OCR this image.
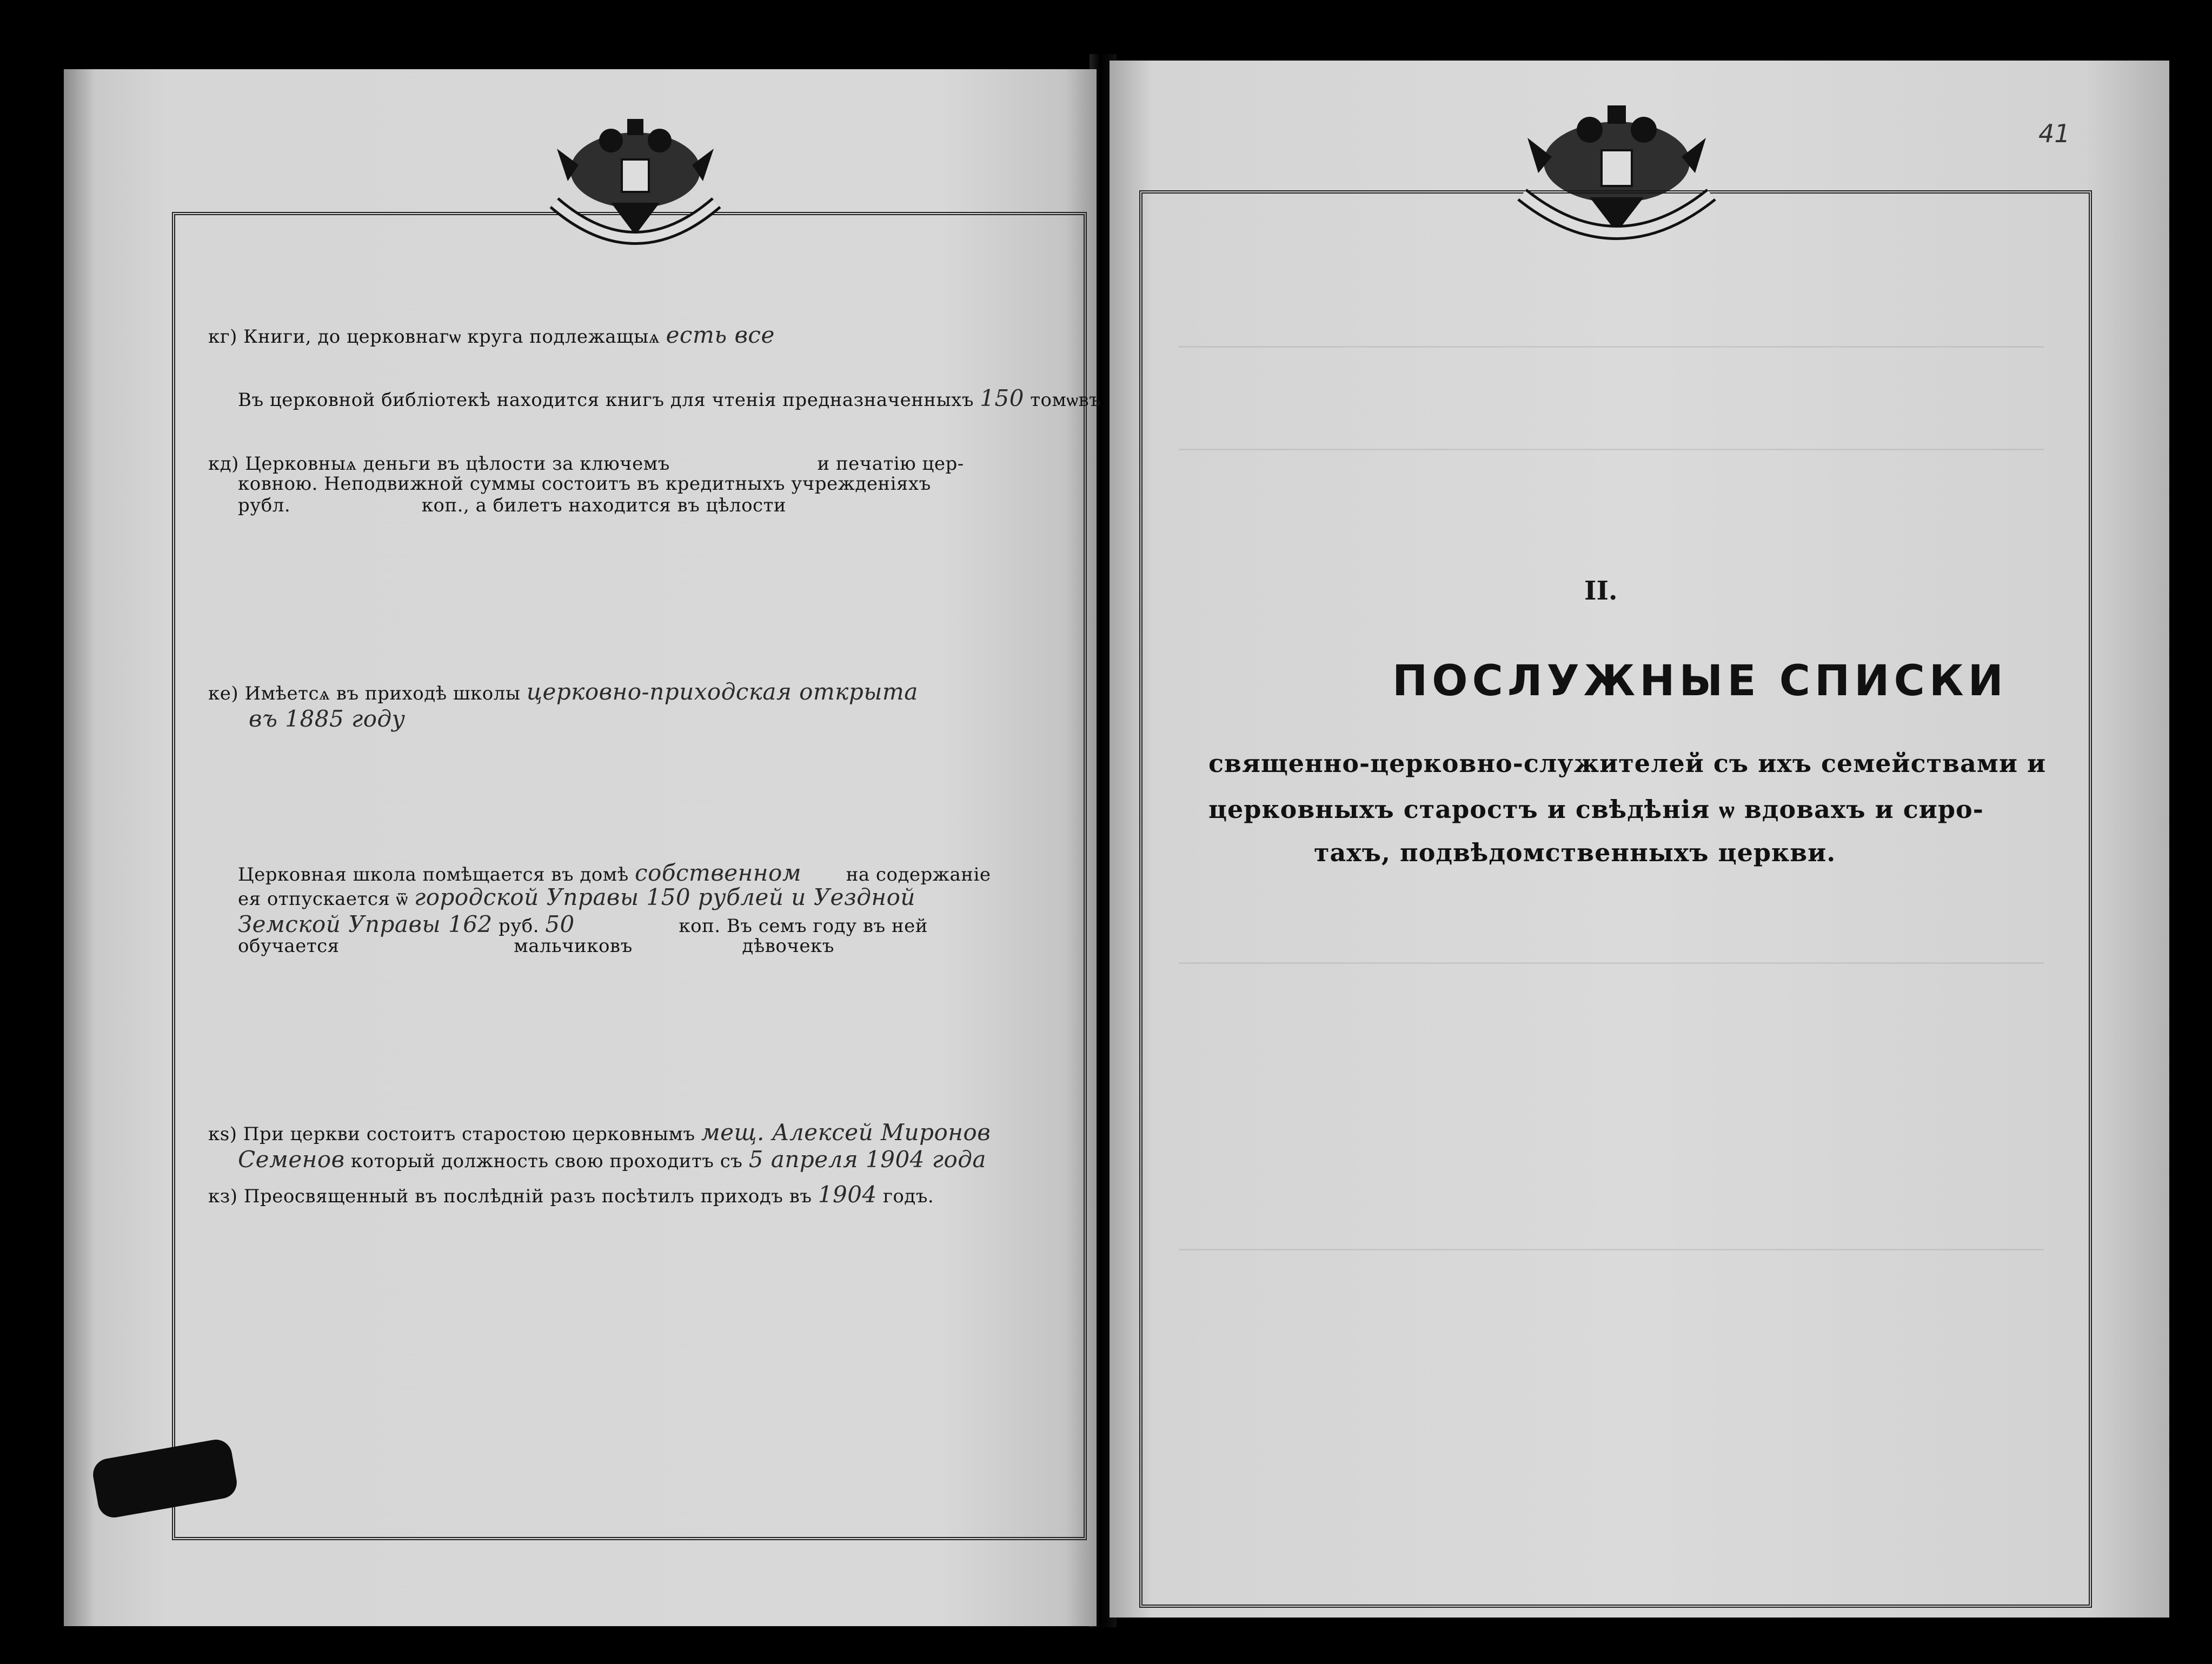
кг) Книги, до церковнагѡ кругa подлежащыѧ есть все
Въ церковной библiотекѣ находится книгъ для чтенiя предназначенныхъ 150 томѡвъ
кд) Церковныѧ деньги въ цѣлости за ключемъ	и печатiю цер-
ковною. Неподвижной суммы состоитъ въ кредитныхъ учрежденiяхъ
рубл.	коп., а билетъ находится въ цѣлости
ке) Имѣетсѧ въ приходѣ школы церковно-приходская открыта
въ 1885 году
Церковная школа помѣщается въ домѣ собственном на содержанiе
ея отпускается ѿ городской Управы 150 рублей и Уездной
Земской Управы 162 руб. 50	коп. Въ семъ году въ ней
обучается	мальчиковъ	дѣвочекъ
кѕ) При церкви состоитъ старостою церковнымъ мещ. Алексей Миронов
Семенов который должность свою проходитъ съ 5 апреля 1904 года
кз) Преосвященный въ послѣднiй разъ посѣтилъ приходъ въ 1904 годъ.
41
II.
ПОСЛУЖНЫЕ СПИСКИ
священно-церковно-служителей съ ихъ семействами и
церковныхъ старостъ и свѣдѣнiя ѡ вдовахъ и сиро-
тахъ, подвѣдомственныхъ церкви.
